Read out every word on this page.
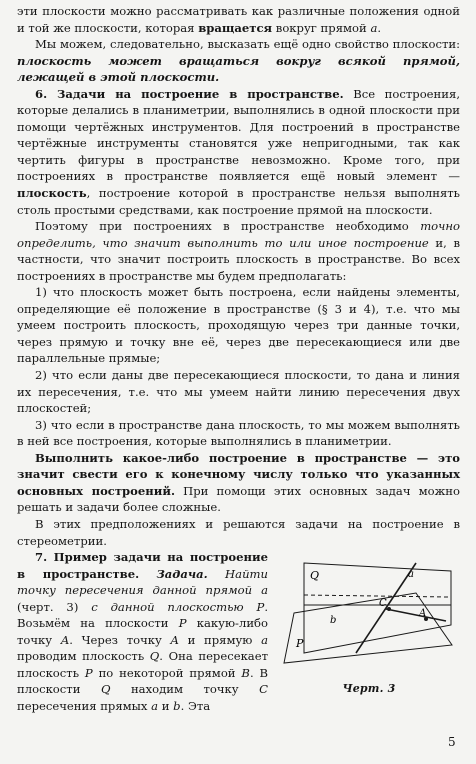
эти плоскости можно рассматривать как различные положения одной и той же плоскости, которая вращается вокруг прямой a.

Мы можем, следовательно, высказать ещё одно свойство плоскости: плоскость может вращаться вокруг всякой прямой, лежащей в этой плоскости.

6. Задачи на построение в пространстве. Все построения, которые делались в планиметрии, выполнялись в одной плоскости при помощи чертёжных инструментов. Для построений в пространстве чертёжные инструменты становятся уже непригодными, так как чертить фигуры в пространстве невозможно. Кроме того, при построениях в пространстве появляется ещё новый элемент — плоскость, построение которой в пространстве нельзя выполнять столь простыми средствами, как построение прямой на плоскости.

Поэтому при построениях в пространстве необходимо точно определить, что значит выполнить то или иное построение и, в частности, что значит построить плоскость в пространстве. Во всех построениях в пространстве мы будем предполагать:

1) что плоскость может быть построена, если найдены элементы, определяющие её положение в пространстве (§ 3 и 4), т.е. что мы умеем построить плоскость, проходящую через три данные точки, через прямую и точку вне её, через две пересекающиеся или две параллельные прямые;

2) что если даны две пересекающиеся плоскости, то дана и линия их пересечения, т.е. что мы умеем найти линию пересечения двух плоскостей;

3) что если в пространстве дана плоскость, то мы можем выполнять в ней все построения, которые выполнялись в планиметрии.

Выполнить какое-либо построение в пространстве — это значит свести его к конечному числу только что указанных основных построений. При помощи этих основных задач можно решать и задачи более сложные.

В этих предположениях и решаются задачи на построение в стереометрии.

Q	a
C
A
b
P
Черт. 3

7. Пример задачи на построение в пространстве. Задача. Найти точку пересечения данной прямой a (черт. 3) с данной плоскостью P. Возьмём на плоскости P какую-либо точку A. Через точку A и прямую a проводим плоскость Q. Она пересекает плоскость P по некоторой прямой B. В плоскости Q находим точку C пересечения прямых a и b. Эта

5
